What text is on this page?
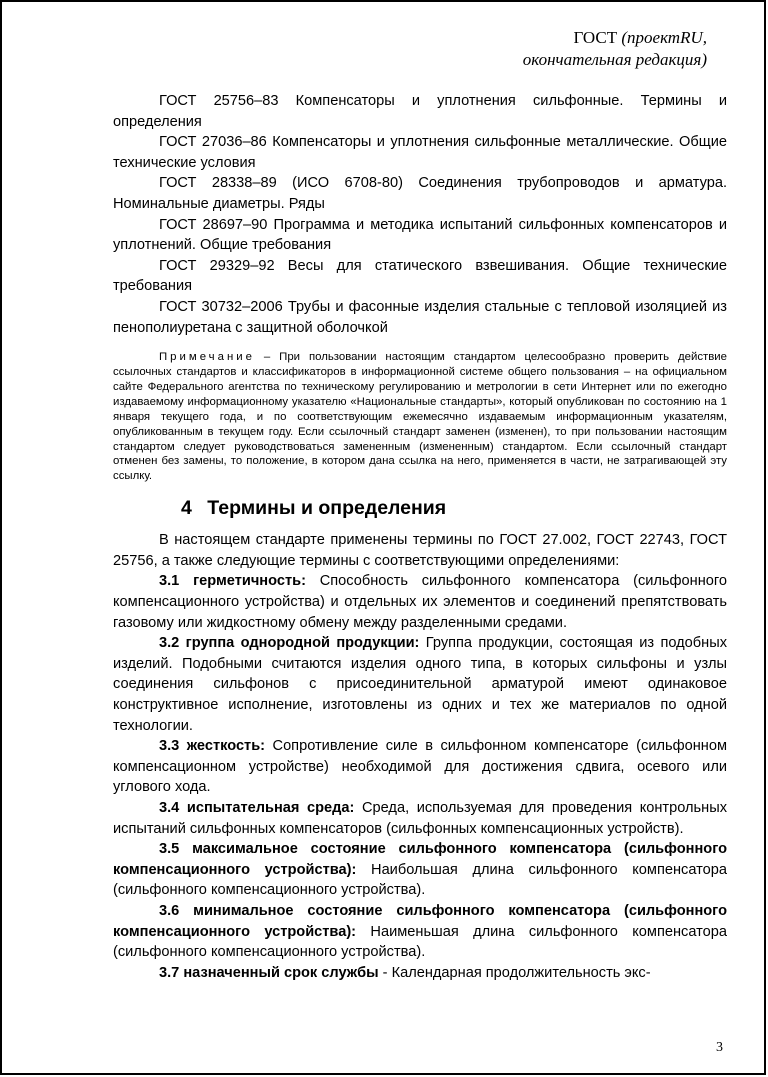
ГОСТ (проектRU,
окончательная редакция)

ГОСТ 25756–83 Компенсаторы и уплотнения сильфонные. Термины и определения

ГОСТ 27036–86 Компенсаторы и уплотнения сильфонные металлические. Общие технические условия

ГОСТ 28338–89 (ИСО 6708-80) Соединения трубопроводов и арматура. Номинальные диаметры. Ряды

ГОСТ 28697–90 Программа и методика испытаний сильфонных компенсаторов и уплотнений. Общие требования

ГОСТ 29329–92 Весы для статического взвешивания. Общие технические требования

ГОСТ 30732–2006 Трубы и фасонные изделия стальные с тепловой изоляцией из пенополиуретана с защитной оболочкой

Примечание – При пользовании настоящим стандартом целесообразно проверить действие ссылочных стандартов и классификаторов в информационной системе общего пользования – на официальном сайте Федерального агентства по техническому регулированию и метрологии в сети Интернет или по ежегодно издаваемому информационному указателю «Национальные стандарты», который опубликован по состоянию на 1 января текущего года, и по соответствующим ежемесячно издаваемым информационным указателям, опубликованным в текущем году. Если ссылочный стандарт заменен (изменен), то при пользовании настоящим стандартом следует руководствоваться замененным (измененным) стандартом. Если ссылочный стандарт отменен без замены, то положение, в котором дана ссылка на него, применяется в части, не затрагивающей эту ссылку.

4 Термины и определения

В настоящем стандарте применены термины по ГОСТ 27.002, ГОСТ 22743, ГОСТ 25756, а также следующие термины с соответствующими определениями:

3.1 герметичность: Способность сильфонного компенсатора (сильфонного компенсационного устройства) и отдельных их элементов и соединений препятствовать газовому или жидкостному обмену между разделенными средами.

3.2 группа однородной продукции: Группа продукции, состоящая из подобных изделий. Подобными считаются изделия одного типа, в которых сильфоны и узлы соединения сильфонов с присоединительной арматурой имеют одинаковое конструктивное исполнение, изготовлены из одних и тех же материалов по одной технологии.

3.3 жесткость: Сопротивление силе в сильфонном компенсаторе (сильфонном компенсационном устройстве) необходимой для достижения сдвига, осевого или углового хода.

3.4 испытательная среда: Среда, используемая для проведения контрольных испытаний сильфонных компенсаторов (сильфонных компенсационных устройств).

3.5 максимальное состояние сильфонного компенсатора (сильфонного компенсационного устройства): Наибольшая длина сильфонного компенсатора (сильфонного компенсационного устройства).

3.6 минимальное состояние сильфонного компенсатора (сильфонного компенсационного устройства): Наименьшая длина сильфонного компенсатора (сильфонного компенсационного устройства).

3.7 назначенный срок службы - Календарная продолжительность экс-

3
